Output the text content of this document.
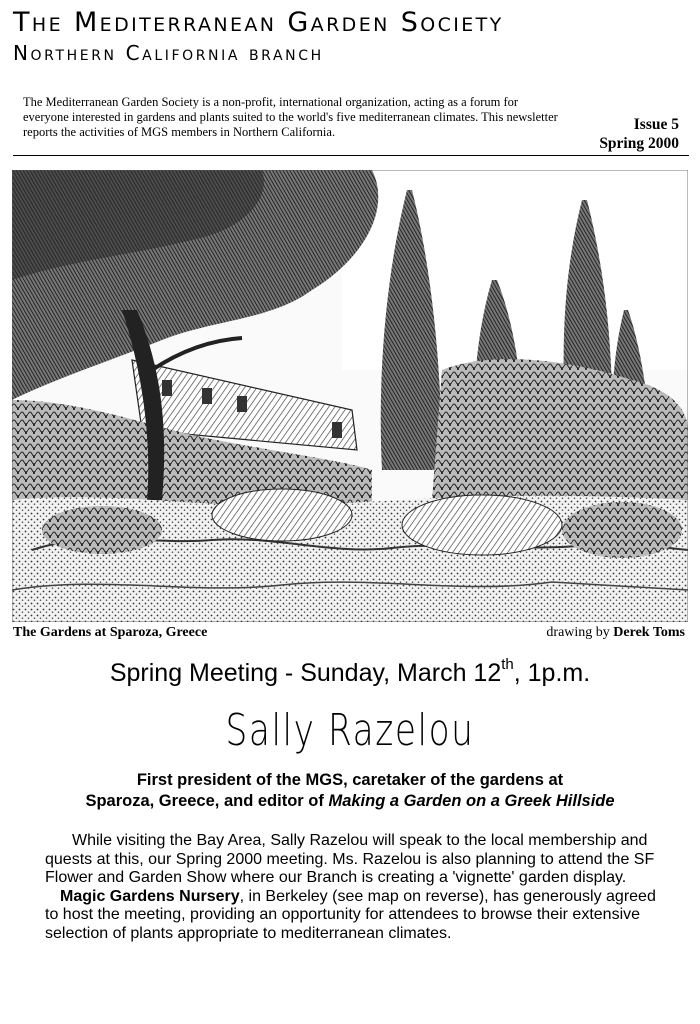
The Mediterranean Garden Society
Northern California branch
The Mediterranean Garden Society is a non-profit, international organization, acting as a forum for everyone interested in gardens and plants suited to the world's five mediterranean climates. This newsletter reports the activities of MGS members in Northern California.	Issue 5
Spring 2000
The Gardens at Sparoza, Greece	drawing by Derek Toms
Spring Meeting - Sunday, March 12th, 1p.m.
Sally Razelou
First president of the MGS, caretaker of the gardens at
Sparoza, Greece, and editor of Making a Garden on a Greek Hillside

While visiting the Bay Area, Sally Razelou will speak to the local membership and quests at this, our Spring 2000 meeting. Ms. Razelou is also planning to attend the SF Flower and Garden Show where our Branch is creating a 'vignette' garden display.

Magic Gardens Nursery, in Berkeley (see map on reverse), has generously agreed to host the meeting, providing an opportunity for attendees to browse their extensive selection of plants appropriate to mediterranean climates.
